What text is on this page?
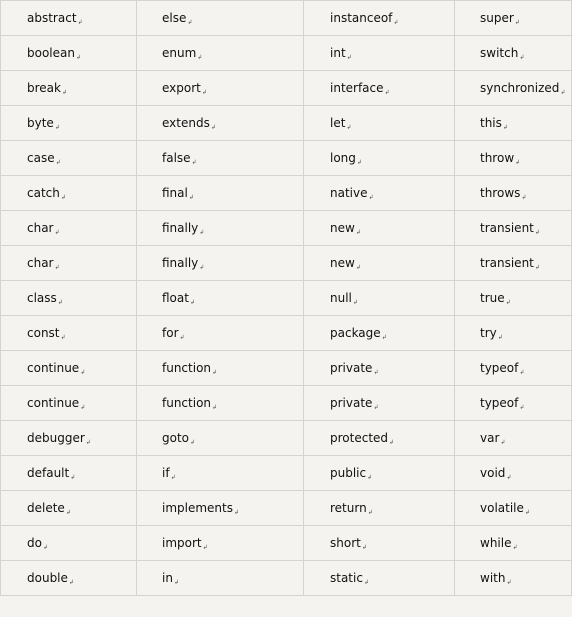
abstract↲	else↲	instanceof↲	super↲
boolean↲	enum↲	int↲	switch↲
break↲	export↲	interface↲	synchronized↲
byte↲	extends↲	let↲	this↲
case↲	false↲	long↲	throw↲
catch↲	final↲	native↲	throws↲
char↲	finally↲	new↲	transient↲
char↲	finally↲	new↲	transient↲
class↲	float↲	null↲	true↲
const↲	for↲	package↲	try↲
continue↲	function↲	private↲	typeof↲
continue↲	function↲	private↲	typeof↲
debugger↲	goto↲	protected↲	var↲
default↲	if↲	public↲	void↲
delete↲	implements↲	return↲	volatile↲
do↲	import↲	short↲	while↲
double↲	in↲	static↲	with↲
